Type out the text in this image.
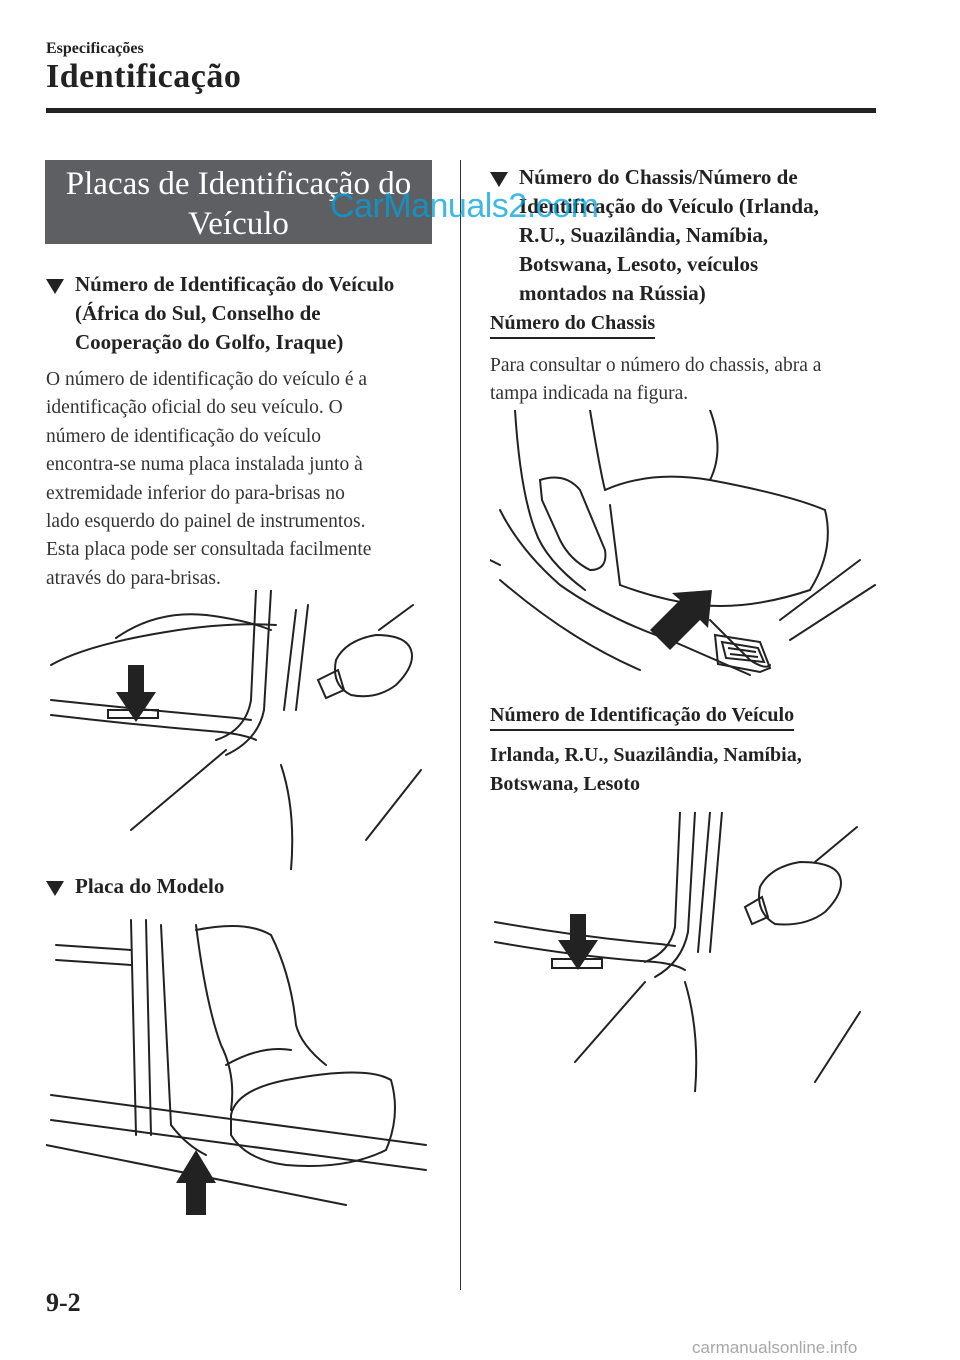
Especificações
Identificação
Placas de Identificação do
Veículo
Número de Identificação do Veículo
(África do Sul, Conselho de
Cooperação do Golfo, Iraque)
O número de identificação do veículo é a
identificação oficial do seu veículo. O
número de identificação do veículo
encontra-se numa placa instalada junto à
extremidade inferior do para-brisas no
lado esquerdo do painel de instrumentos.
Esta placa pode ser consultada facilmente
através do para-brisas.
Placa do Modelo
Número do Chassis/Número de
Identificação do Veículo (Irlanda,
R.U., Suazilândia, Namíbia,
Botswana, Lesoto, veículos
montados na Rússia)
Número do Chassis
Para consultar o número do chassis, abra a
tampa indicada na figura.
Número de Identificação do Veículo
Irlanda, R.U., Suazilândia, Namíbia,
Botswana, Lesoto
CarManuals2.com
9-2
carmanualsonline.info
